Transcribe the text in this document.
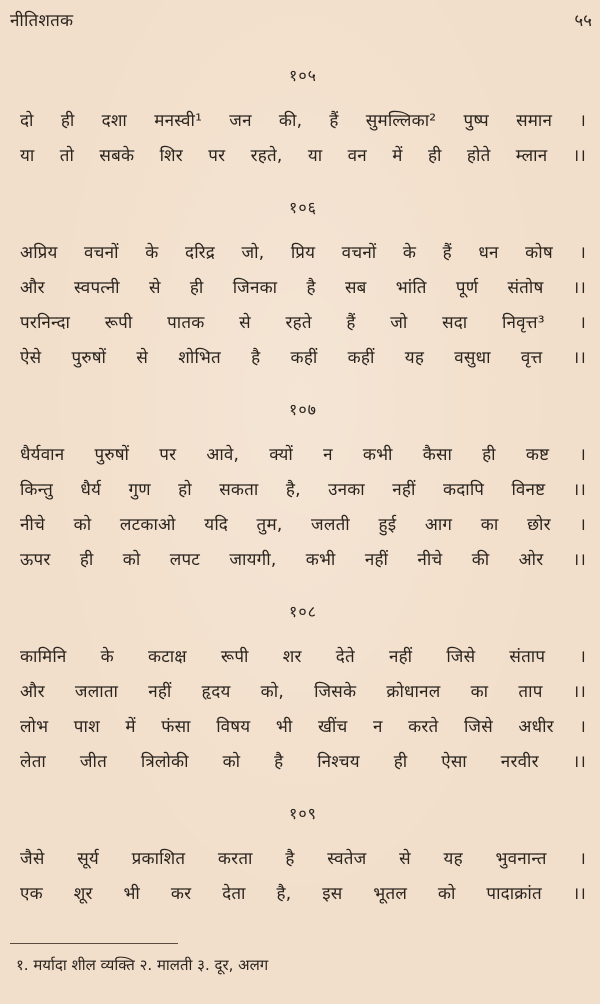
नीतिशतक	५५
१०५
दो ही दशा मनस्वी¹ जन की, हैं सुमल्लिका² पुष्प समान ।
या तो सबके शिर पर रहते, या वन में ही होते म्लान ।।
१०६
अप्रिय वचनों के दरिद्र जो, प्रिय वचनों के हैं धन कोष ।
और स्वपत्नी से ही जिनका है सब भांति पूर्ण संतोष ।।
परनिन्दा रूपी पातक से रहते हैं जो सदा निवृत्त³ ।
ऐसे पुरुषों से शोभित है कहीं कहीं यह वसुधा वृत्त ।।
१०७
धैर्यवान पुरुषों पर आवे, क्यों न कभी कैसा ही कष्ट ।
किन्तु धैर्य गुण हो सकता है, उनका नहीं कदापि विनष्ट ।।
नीचे को लटकाओ यदि तुम, जलती हुई आग का छोर ।
ऊपर ही को लपट जायगी, कभी नहीं नीचे की ओर ।।
१०८
कामिनि के कटाक्ष रूपी शर देते नहीं जिसे संताप ।
और जलाता नहीं हृदय को, जिसके क्रोधानल का ताप ।।
लोभ पाश में फंसा विषय भी खींच न करते जिसे अधीर ।
लेता जीत त्रिलोकी को है निश्चय ही ऐसा नरवीर ।।
१०९
जैसे सूर्य प्रकाशित करता है स्वतेज से यह भुवनान्त ।
एक शूर भी कर देता है, इस भूतल को पादाक्रांत ।।
१. मर्यादा शील व्यक्ति २. मालती ३. दूर, अलग
